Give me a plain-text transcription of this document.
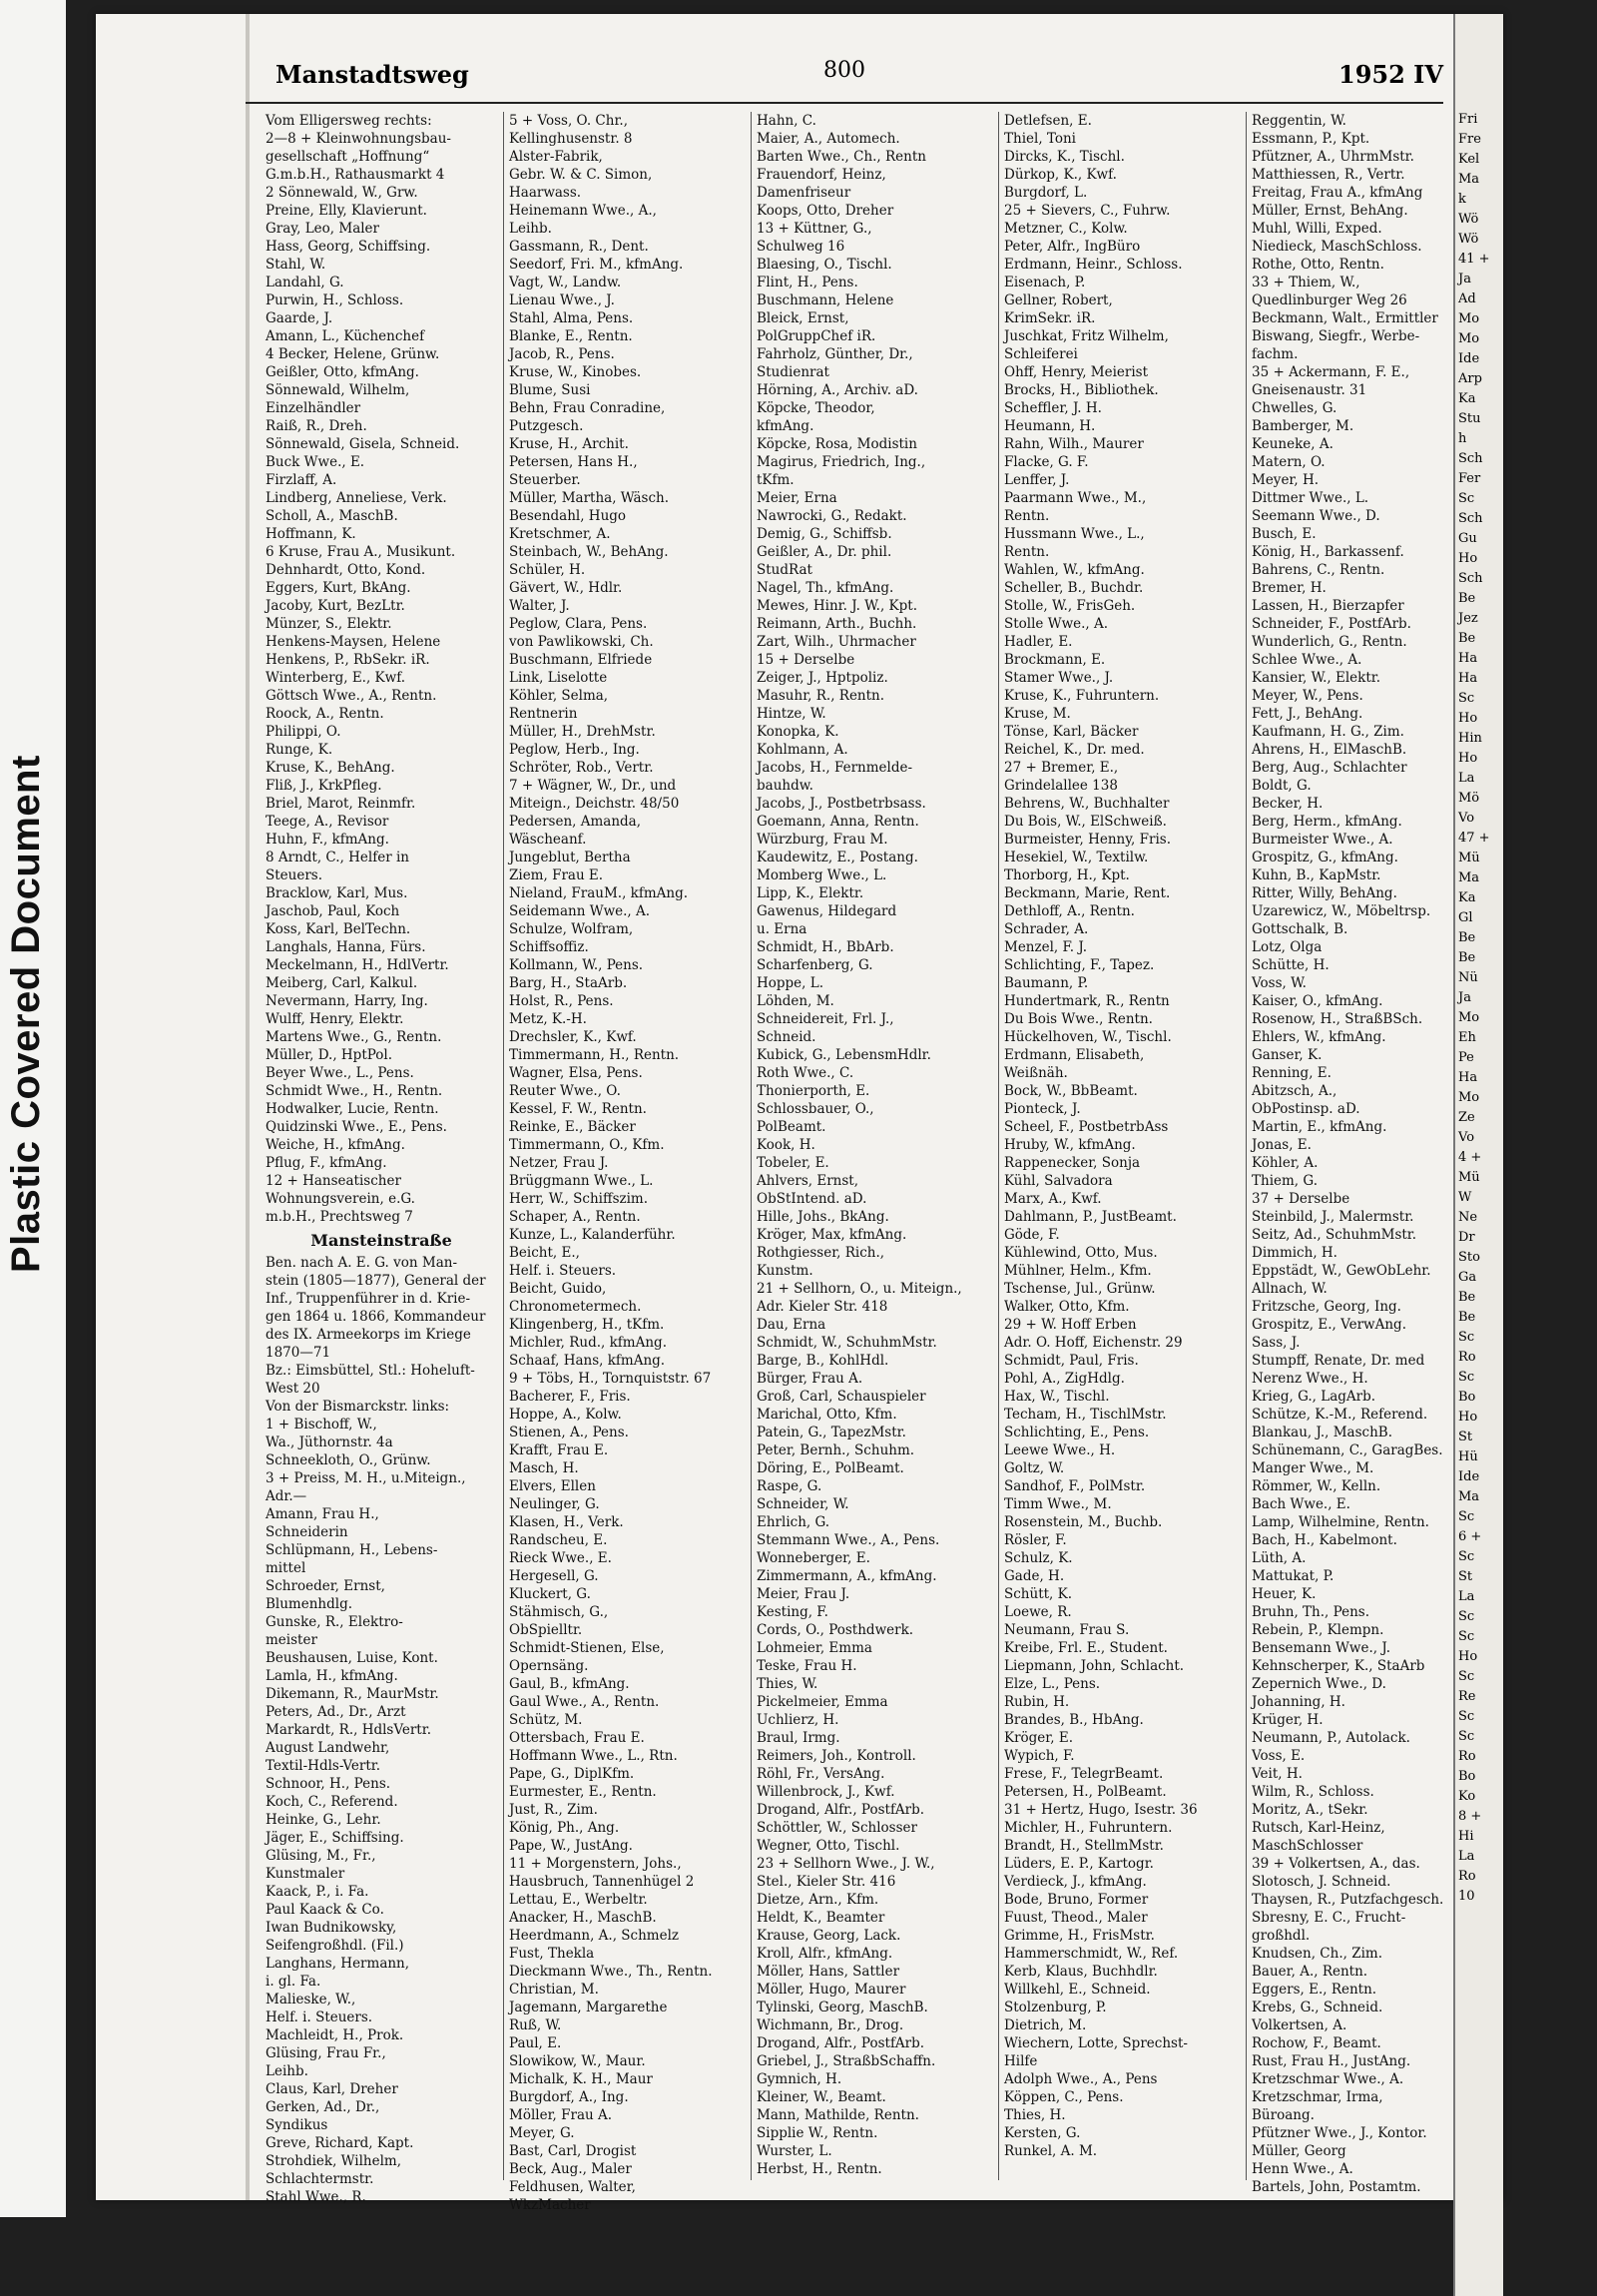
Plastic Covered Document
Manstadtsweg	800	1952 IV
Vom Elligersweg rechts:
2—8 + Kleinwohnungsbau-
gesellschaft „Hoffnung“
G.m.b.H., Rathausmarkt 4
2 Sönnewald, W., Grw.
Preine, Elly, Klavierunt.
Gray, Leo, Maler
Hass, Georg, Schiffsing.
Stahl, W.
Landahl, G.
Purwin, H., Schloss.
Gaarde, J.
Amann, L., Küchenchef
4 Becker, Helene, Grünw.
Geißler, Otto, kfmAng.
Sönnewald, Wilhelm,
Einzelhändler
Raiß, R., Dreh.
Sönnewald, Gisela, Schneid.
Buck Wwe., E.
Firzlaff, A.
Lindberg, Anneliese, Verk.
Scholl, A., MaschB.
Hoffmann, K.
6 Kruse, Frau A., Musikunt.
Dehnhardt, Otto, Kond.
Eggers, Kurt, BkAng.
Jacoby, Kurt, BezLtr.
Münzer, S., Elektr.
Henkens-Maysen, Helene
Henkens, P., RbSekr. iR.
Winterberg, E., Kwf.
Göttsch Wwe., A., Rentn.
Roock, A., Rentn.
Philippi, O.
Runge, K.
Kruse, K., BehAng.
Fliß, J., KrkPfleg.
Briel, Marot, Reinmfr.
Teege, A., Revisor
Huhn, F., kfmAng.
8 Arndt, C., Helfer in
Steuers.
Bracklow, Karl, Mus.
Jaschob, Paul, Koch
Koss, Karl, BelTechn.
Langhals, Hanna, Fürs.
Meckelmann, H., HdlVertr.
Meiberg, Carl, Kalkul.
Nevermann, Harry, Ing.
Wulff, Henry, Elektr.
Martens Wwe., G., Rentn.
Müller, D., HptPol.
Beyer Wwe., L., Pens.
Schmidt Wwe., H., Rentn.
Hodwalker, Lucie, Rentn.
Quidzinski Wwe., E., Pens.
Weiche, H., kfmAng.
Pflug, F., kfmAng.
12 + Hanseatischer
Wohnungsverein, e.G.
m.b.H., Prechtsweg 7
Mansteinstraße
Ben. nach A. E. G. von Man-
stein (1805—1877), General der
Inf., Truppenführer in d. Krie-
gen 1864 u. 1866, Kommandeur
des IX. Armeekorps im Kriege
1870—71
Bz.: Eimsbüttel, Stl.: Hoheluft-
West 20
Von der Bismarckstr. links:
1 + Bischoff, W.,
Wa., Jüthornstr. 4a
Schneekloth, O., Grünw.
3 + Preiss, M. H., u.Miteign.,
Adr.—
Amann, Frau H.,
Schneiderin
Schlüpmann, H., Lebens-
mittel
Schroeder, Ernst,
Blumenhdlg.
Gunske, R., Elektro-
meister
Beushausen, Luise, Kont.
Lamla, H., kfmAng.
Dikemann, R., MaurMstr.
Peters, Ad., Dr., Arzt
Markardt, R., HdlsVertr.
August Landwehr,
Textil-Hdls-Vertr.
Schnoor, H., Pens.
Koch, C., Referend.
Heinke, G., Lehr.
Jäger, E., Schiffsing.
Glüsing, M., Fr.,
Kunstmaler
Kaack, P., i. Fa.
Paul Kaack & Co.
Iwan Budnikowsky,
Seifengroßhdl. (Fil.)
Langhans, Hermann,
i. gl. Fa.
Malieske, W.,
Helf. i. Steuers.
Machleidt, H., Prok.
Glüsing, Frau Fr.,
Leihb.
Claus, Karl, Dreher
Gerken, Ad., Dr.,
Syndikus
Greve, Richard, Kapt.
Strohdiek, Wilhelm,
Schlachtermstr.
Stahl Wwe., R.
5 + Voss, O. Chr.,
Kellinghusenstr. 8
Alster-Fabrik,
Gebr. W. & C. Simon,
Haarwass.
Heinemann Wwe., A.,
Leihb.
Gassmann, R., Dent.
Seedorf, Fri. M., kfmAng.
Vagt, W., Landw.
Lienau Wwe., J.
Stahl, Alma, Pens.
Blanke, E., Rentn.
Jacob, R., Pens.
Kruse, W., Kinobes.
Blume, Susi
Behn, Frau Conradine,
Putzgesch.
Kruse, H., Archit.
Petersen, Hans H.,
Steuerber.
Müller, Martha, Wäsch.
Besendahl, Hugo
Kretschmer, A.
Steinbach, W., BehAng.
Schüler, H.
Gävert, W., Hdlr.
Walter, J.
Peglow, Clara, Pens.
von Pawlikowski, Ch.
Buschmann, Elfriede
Link, Liselotte
Köhler, Selma,
Rentnerin
Müller, H., DrehMstr.
Peglow, Herb., Ing.
Schröter, Rob., Vertr.
7 + Wägner, W., Dr., und
Miteign., Deichstr. 48/50
Pedersen, Amanda,
Wäscheanf.
Jungeblut, Bertha
Ziem, Frau E.
Nieland, FrauM., kfmAng.
Seidemann Wwe., A.
Schulze, Wolfram,
Schiffsoffiz.
Kollmann, W., Pens.
Barg, H., StaArb.
Holst, R., Pens.
Metz, K.-H.
Drechsler, K., Kwf.
Timmermann, H., Rentn.
Wagner, Elsa, Pens.
Reuter Wwe., O.
Kessel, F. W., Rentn.
Reinke, E., Bäcker
Timmermann, O., Kfm.
Netzer, Frau J.
Brüggmann Wwe., L.
Herr, W., Schiffszim.
Schaper, A., Rentn.
Kunze, L., Kalanderführ.
Beicht, E.,
Helf. i. Steuers.
Beicht, Guido,
Chronometermech.
Klingenberg, H., tKfm.
Michler, Rud., kfmAng.
Schaaf, Hans, kfmAng.
9 + Töbs, H., Tornquiststr. 67
Bacherer, F., Fris.
Hoppe, A., Kolw.
Stienen, A., Pens.
Krafft, Frau E.
Masch, H.
Elvers, Ellen
Neulinger, G.
Klasen, H., Verk.
Randscheu, E.
Rieck Wwe., E.
Hergesell, G.
Kluckert, G.
Stähmisch, G.,
ObSpielltr.
Schmidt-Stienen, Else,
Opernsäng.
Gaul, B., kfmAng.
Gaul Wwe., A., Rentn.
Schütz, M.
Ottersbach, Frau E.
Hoffmann Wwe., L., Rtn.
Pape, G., DiplKfm.
Eurmester, E., Rentn.
Just, R., Zim.
König, Ph., Ang.
Pape, W., JustAng.
11 + Morgenstern, Johs.,
Hausbruch, Tannenhügel 2
Lettau, E., Werbeltr.
Anacker, H., MaschB.
Heerdmann, A., Schmelz
Fust, Thekla
Dieckmann Wwe., Th., Rentn.
Christian, M.
Jagemann, Margarethe
Ruß, W.
Paul, E.
Slowikow, W., Maur.
Michalk, K. H., Maur
Burgdorf, A., Ing.
Möller, Frau A.
Meyer, G.
Bast, Carl, Drogist
Beck, Aug., Maler
Feldhusen, Walter,
WkzMacher
Hahn, C.
Maier, A., Automech.
Barten Wwe., Ch., Rentn
Frauendorf, Heinz,
Damenfriseur
Koops, Otto, Dreher
13 + Küttner, G.,
Schulweg 16
Blaesing, O., Tischl.
Flint, H., Pens.
Buschmann, Helene
Bleick, Ernst,
PolGruppChef iR.
Fahrholz, Günther, Dr.,
Studienrat
Hörning, A., Archiv. aD.
Köpcke, Theodor,
kfmAng.
Köpcke, Rosa, Modistin
Magirus, Friedrich, Ing.,
tKfm.
Meier, Erna
Nawrocki, G., Redakt.
Demig, G., Schiffsb.
Geißler, A., Dr. phil.
StudRat
Nagel, Th., kfmAng.
Mewes, Hinr. J. W., Kpt.
Reimann, Arth., Buchh.
Zart, Wilh., Uhrmacher
15 + Derselbe
Zeiger, J., Hptpoliz.
Masuhr, R., Rentn.
Hintze, W.
Konopka, K.
Kohlmann, A.
Jacobs, H., Fernmelde-
bauhdw.
Jacobs, J., Postbetrbsass.
Goemann, Anna, Rentn.
Würzburg, Frau M.
Kaudewitz, E., Postang.
Momberg Wwe., L.
Lipp, K., Elektr.
Gawenus, Hildegard
u. Erna
Schmidt, H., BbArb.
Scharfenberg, G.
Hoppe, L.
Löhden, M.
Schneidereit, Frl. J.,
Schneid.
Kubick, G., LebensmHdlr.
Roth Wwe., C.
Thonierporth, E.
Schlossbauer, O.,
PolBeamt.
Kook, H.
Tobeler, E.
Ahlvers, Ernst,
ObStIntend. aD.
Hille, Johs., BkAng.
Kröger, Max, kfmAng.
Rothgiesser, Rich.,
Kunstm.
21 + Sellhorn, O., u. Miteign.,
Adr. Kieler Str. 418
Dau, Erna
Schmidt, W., SchuhmMstr.
Barge, B., KohlHdl.
Bürger, Frau A.
Groß, Carl, Schauspieler
Marichal, Otto, Kfm.
Patein, G., TapezMstr.
Peter, Bernh., Schuhm.
Döring, E., PolBeamt.
Raspe, G.
Schneider, W.
Ehrlich, G.
Stemmann Wwe., A., Pens.
Wonneberger, E.
Zimmermann, A., kfmAng.
Meier, Frau J.
Kesting, F.
Cords, O., Posthdwerk.
Lohmeier, Emma
Teske, Frau H.
Thies, W.
Pickelmeier, Emma
Uchlierz, H.
Braul, Irmg.
Reimers, Joh., Kontroll.
Röhl, Fr., VersAng.
Willenbrock, J., Kwf.
Drogand, Alfr., PostfArb.
Schöttler, W., Schlosser
Wegner, Otto, Tischl.
23 + Sellhorn Wwe., J. W.,
Stel., Kieler Str. 416
Dietze, Arn., Kfm.
Heldt, K., Beamter
Krause, Georg, Lack.
Kroll, Alfr., kfmAng.
Möller, Hans, Sattler
Möller, Hugo, Maurer
Tylinski, Georg, MaschB.
Wichmann, Br., Drog.
Drogand, Alfr., PostfArb.
Griebel, J., StraßbSchaffn.
Gymnich, H.
Kleiner, W., Beamt.
Mann, Mathilde, Rentn.
Sipplie W., Rentn.
Wurster, L.
Herbst, H., Rentn.
Detlefsen, E.
Thiel, Toni
Dircks, K., Tischl.
Dürkop, K., Kwf.
Burgdorf, L.
25 + Sievers, C., Fuhrw.
Metzner, C., Kolw.
Peter, Alfr., IngBüro
Erdmann, Heinr., Schloss.
Eisenach, P.
Gellner, Robert,
KrimSekr. iR.
Juschkat, Fritz Wilhelm,
Schleiferei
Ohff, Henry, Meierist
Brocks, H., Bibliothek.
Scheffler, J. H.
Heumann, H.
Rahn, Wilh., Maurer
Flacke, G. F.
Lenffer, J.
Paarmann Wwe., M.,
Rentn.
Hussmann Wwe., L.,
Rentn.
Wahlen, W., kfmAng.
Scheller, B., Buchdr.
Stolle, W., FrisGeh.
Stolle Wwe., A.
Hadler, E.
Brockmann, E.
Stamer Wwe., J.
Kruse, K., Fuhruntern.
Kruse, M.
Tönse, Karl, Bäcker
Reichel, K., Dr. med.
27 + Bremer, E.,
Grindelallee 138
Behrens, W., Buchhalter
Du Bois, W., ElSchweiß.
Burmeister, Henny, Fris.
Hesekiel, W., Textilw.
Thorborg, H., Kpt.
Beckmann, Marie, Rent.
Dethloff, A., Rentn.
Schrader, A.
Menzel, F. J.
Schlichting, F., Tapez.
Baumann, P.
Hundertmark, R., Rentn
Du Bois Wwe., Rentn.
Hückelhoven, W., Tischl.
Erdmann, Elisabeth,
Weißnäh.
Bock, W., BbBeamt.
Pionteck, J.
Scheel, F., PostbetrbAss
Hruby, W., kfmAng.
Rappenecker, Sonja
Kühl, Salvadora
Marx, A., Kwf.
Dahlmann, P., JustBeamt.
Göde, F.
Kühlewind, Otto, Mus.
Mühlner, Helm., Kfm.
Tschense, Jul., Grünw.
Walker, Otto, Kfm.
29 + W. Hoff Erben
Adr. O. Hoff, Eichenstr. 29
Schmidt, Paul, Fris.
Pohl, A., ZigHdlg.
Hax, W., Tischl.
Techam, H., TischlMstr.
Schlichting, E., Pens.
Leewe Wwe., H.
Goltz, W.
Sandhof, F., PolMstr.
Timm Wwe., M.
Rosenstein, M., Buchb.
Rösler, F.
Schulz, K.
Gade, H.
Schütt, K.
Loewe, R.
Neumann, Frau S.
Kreibe, Frl. E., Student.
Liepmann, John, Schlacht.
Elze, L., Pens.
Rubin, H.
Brandes, B., HbAng.
Kröger, E.
Wypich, F.
Frese, F., TelegrBeamt.
Petersen, H., PolBeamt.
31 + Hertz, Hugo, Isestr. 36
Michler, H., Fuhruntern.
Brandt, H., StellmMstr.
Lüders, E. P., Kartogr.
Verdieck, J., kfmAng.
Bode, Bruno, Former
Fuust, Theod., Maler
Grimme, H., FrisMstr.
Hammerschmidt, W., Ref.
Kerb, Klaus, Buchhdlr.
Willkehl, E., Schneid.
Stolzenburg, P.
Dietrich, M.
Wiechern, Lotte, Sprechst-
Hilfe
Adolph Wwe., A., Pens
Köppen, C., Pens.
Thies, H.
Kersten, G.
Runkel, A. M.
Reggentin, W.
Essmann, P., Kpt.
Pfützner, A., UhrmMstr.
Matthiessen, R., Vertr.
Freitag, Frau A., kfmAng
Müller, Ernst, BehAng.
Muhl, Willi, Exped.
Niedieck, MaschSchloss.
Rothe, Otto, Rentn.
33 + Thiem, W.,
Quedlinburger Weg 26
Beckmann, Walt., Ermittler
Biswang, Siegfr., Werbe-
fachm.
35 + Ackermann, F. E.,
Gneisenaustr. 31
Chwelles, G.
Bamberger, M.
Keuneke, A.
Matern, O.
Meyer, H.
Dittmer Wwe., L.
Seemann Wwe., D.
Busch, E.
König, H., Barkassenf.
Bahrens, C., Rentn.
Bremer, H.
Lassen, H., Bierzapfer
Schneider, F., PostfArb.
Wunderlich, G., Rentn.
Schlee Wwe., A.
Kansier, W., Elektr.
Meyer, W., Pens.
Fett, J., BehAng.
Kaufmann, H. G., Zim.
Ahrens, H., ElMaschB.
Berg, Aug., Schlachter
Boldt, G.
Becker, H.
Berg, Herm., kfmAng.
Burmeister Wwe., A.
Grospitz, G., kfmAng.
Kuhn, B., KapMstr.
Ritter, Willy, BehAng.
Uzarewicz, W., Möbeltrsp.
Gottschalk, B.
Lotz, Olga
Schütte, H.
Voss, W.
Kaiser, O., kfmAng.
Rosenow, H., StraßBSch.
Ehlers, W., kfmAng.
Ganser, K.
Renning, E.
Abitzsch, A.,
ObPostinsp. aD.
Martin, E., kfmAng.
Jonas, E.
Köhler, A.
Thiem, G.
37 + Derselbe
Steinbild, J., Malermstr.
Seitz, Ad., SchuhmMstr.
Dimmich, H.
Eppstädt, W., GewObLehr.
Allnach, W.
Fritzsche, Georg, Ing.
Grospitz, E., VerwAng.
Sass, J.
Stumpff, Renate, Dr. med
Nerenz Wwe., H.
Krieg, G., LagArb.
Schütze, K.-M., Referend.
Blankau, J., MaschB.
Schünemann, C., GaragBes.
Manger Wwe., M.
Römmer, W., Kelln.
Bach Wwe., E.
Lamp, Wilhelmine, Rentn.
Bach, H., Kabelmont.
Lüth, A.
Mattukat, P.
Heuer, K.
Bruhn, Th., Pens.
Rebein, P., Klempn.
Bensemann Wwe., J.
Kehnscherper, K., StaArb
Zepernich Wwe., D.
Johanning, H.
Krüger, H.
Neumann, P., Autolack.
Voss, E.
Veit, H.
Wilm, R., Schloss.
Moritz, A., tSekr.
Rutsch, Karl-Heinz,
MaschSchlosser
39 + Volkertsen, A., das.
Slotosch, J. Schneid.
Thaysen, R., Putzfachgesch.
Sbresny, E. C., Frucht-
großhdl.
Knudsen, Ch., Zim.
Bauer, A., Rentn.
Eggers, E., Rentn.
Krebs, G., Schneid.
Volkertsen, A.
Rochow, F., Beamt.
Rust, Frau H., JustAng.
Kretzschmar Wwe., A.
Kretzschmar, Irma,
Büroang.
Pfützner Wwe., J., Kontor.
Müller, Georg
Henn Wwe., A.
Bartels, John, Postamtm.
Fri
Fre
Kel
Ma
k
Wö
Wö
41 +
Ja
Ad
Mo
Mo
Ide
Arp
Ka
Stu
h
Sch
Fer
Sc
Sch
Gu
Ho
Sch
Be
Jez
Be
Ha
Ha
Sc
Ho
Hin
Ho
La
Mö
Vo
47 +
Mü
Ma
Ka
Gl
Be
Be
Nü
Ja
Mo
Eh
Pe
Ha
Mo
Ze
Vo
4 +
Mü
W
Ne
Dr
Sto
Ga
Be
Be
Sc
Ro
Sc
Bo
Ho
St
Hü
Ide
Ma
Sc
6 +
Sc
St
La
Sc
Sc
Ho
Sc
Re
Sc
Sc
Ro
Bo
Ko
8 +
Hi
La
Ro
10
